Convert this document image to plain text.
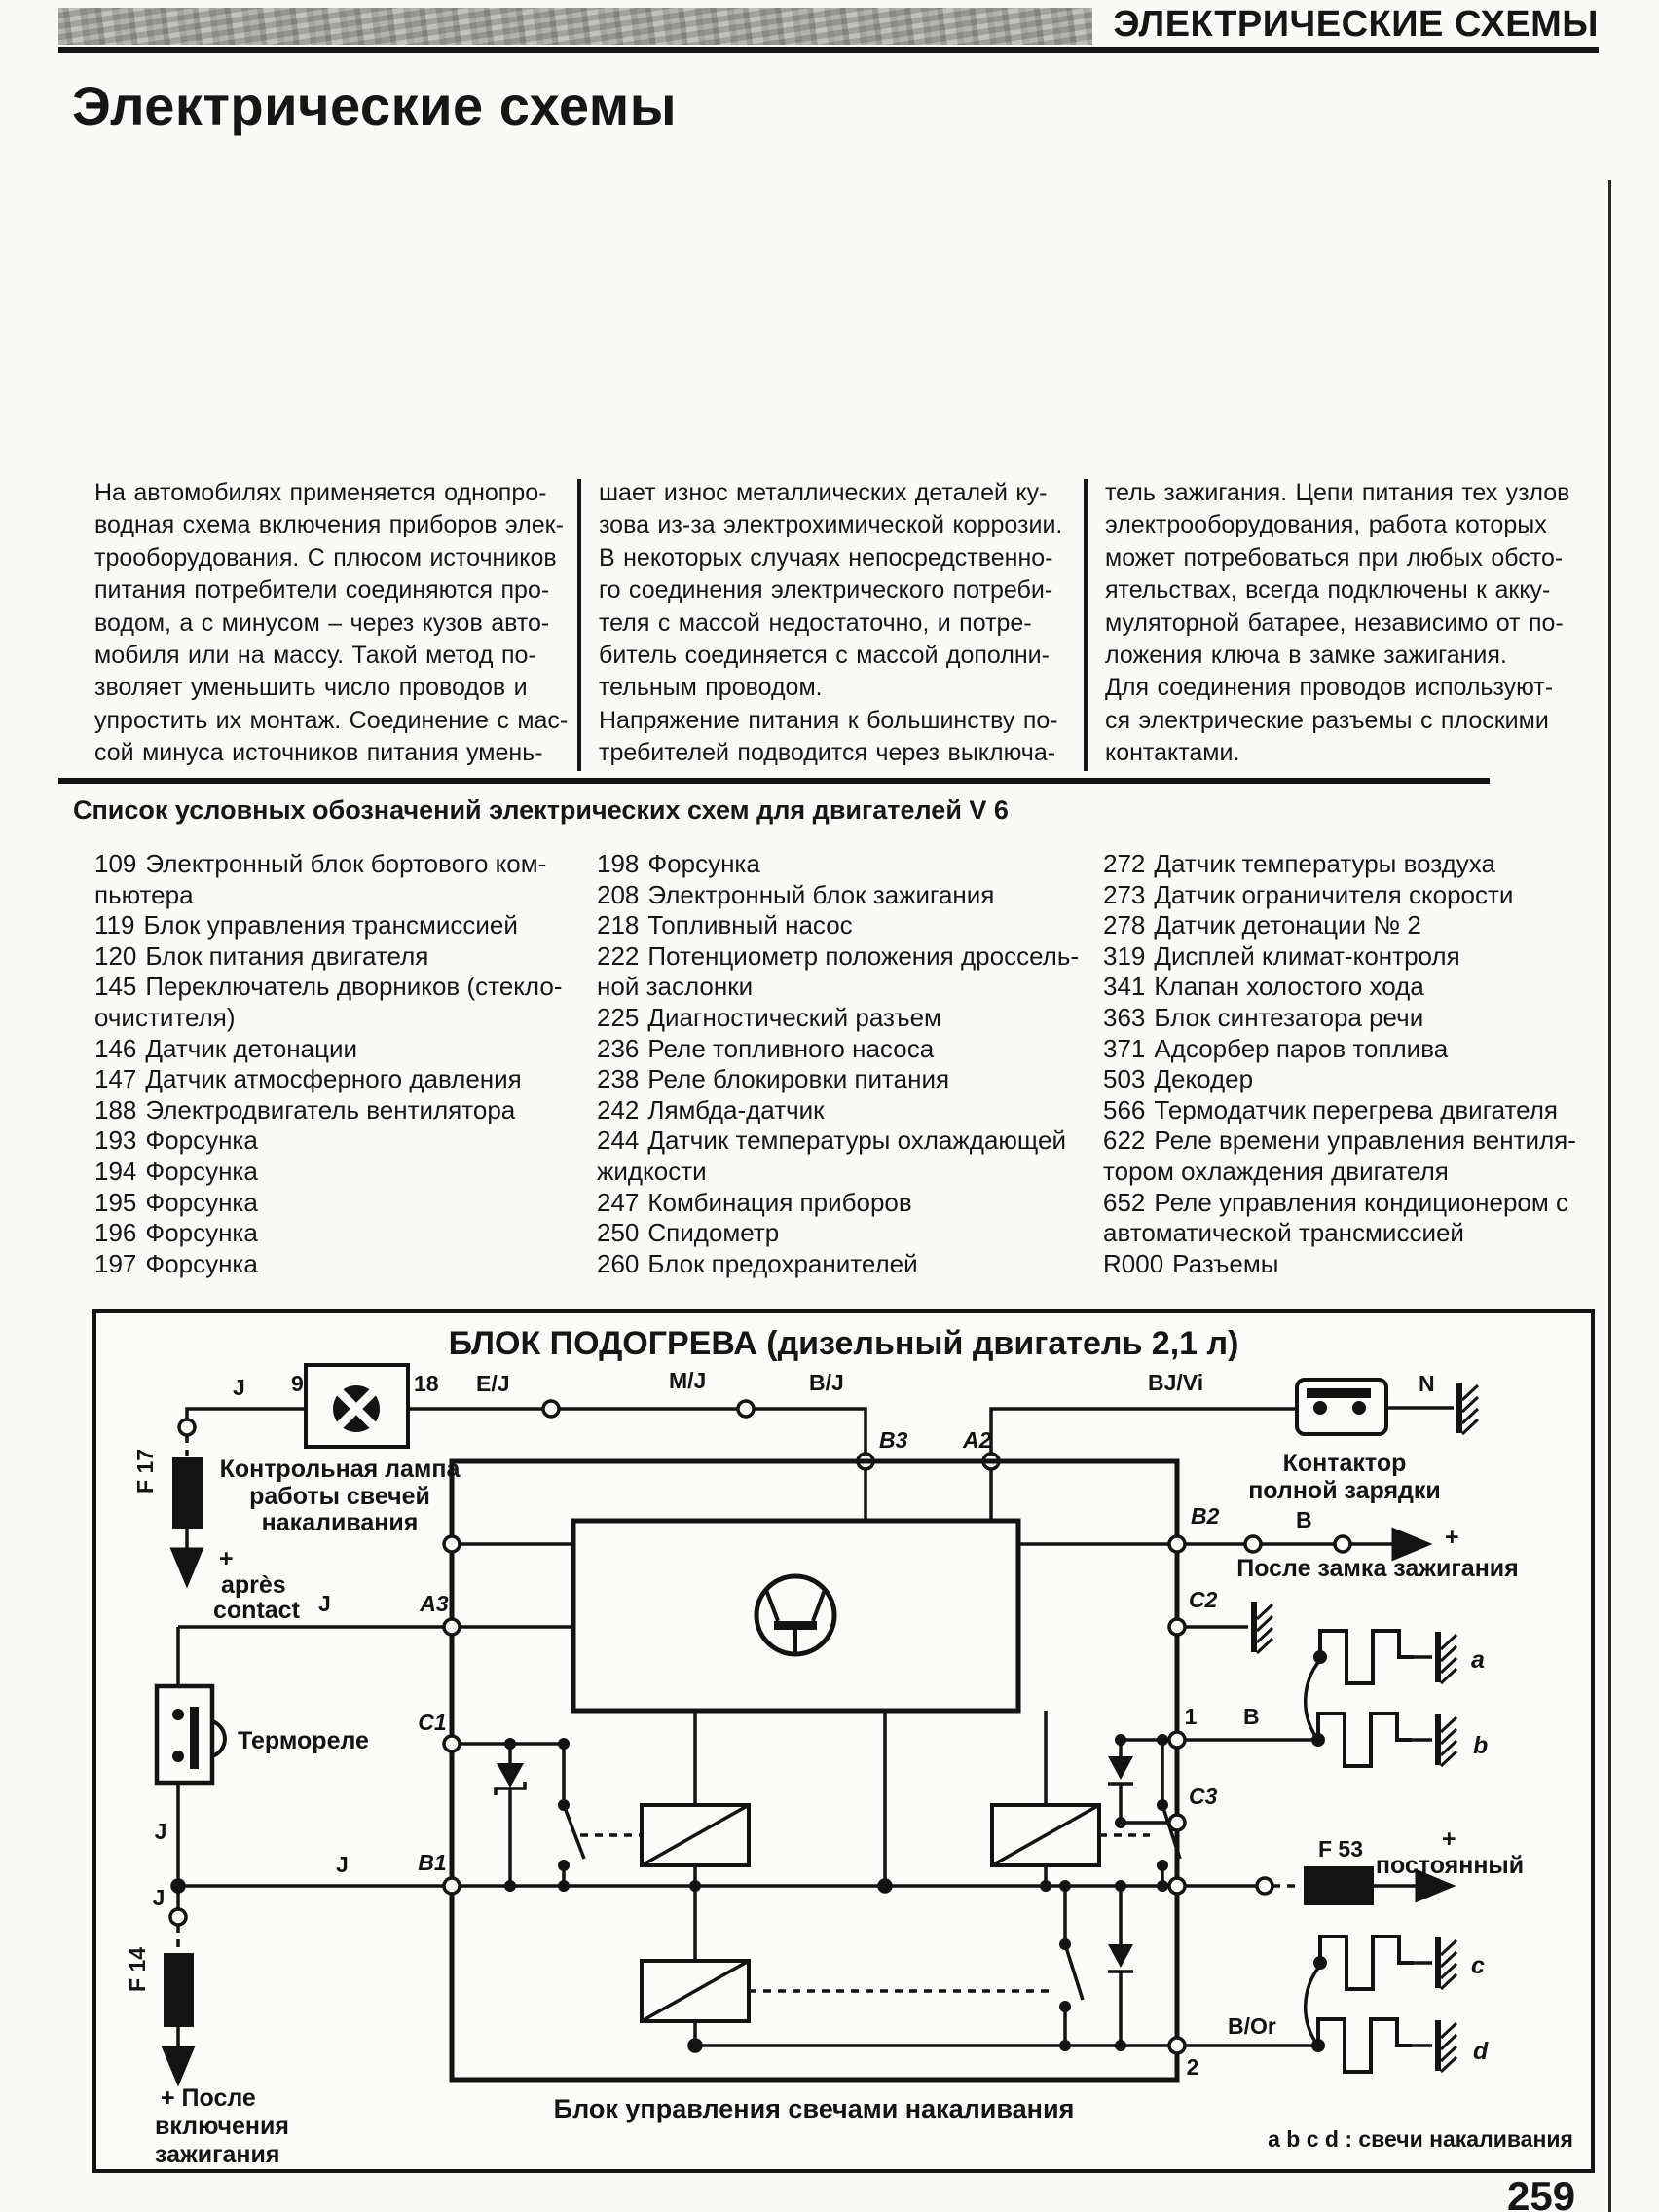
ЭЛЕКТРИЧЕСКИЕ СХЕМЫ
Электрические схемы
На автомобилях применяется однопро-
водная схема включения приборов элек-
трооборудования. С плюсом источников
питания потребители соединяются про-
водом, а с минусом – через кузов авто-
мобиля или на массу. Такой метод по-
зволяет уменьшить число проводов и
упростить их монтаж. Соединение с мас-
сой минуса источников питания умень-
шает износ металлических деталей ку-
зова из-за электрохимической коррозии.
В некоторых случаях непосредственно-
го соединения электрического потреби-
теля с массой недостаточно, и потре-
битель соединяется с массой дополни-
тельным проводом.
Напряжение питания к большинству по-
требителей подводится через выключа-
тель зажигания. Цепи питания тех узлов
электрооборудования, работа которых
может потребоваться при любых обсто-
ятельствах, всегда подключены к акку-
муляторной батарее, независимо от по-
ложения ключа в замке зажигания.
Для соединения проводов используют-
ся электрические разъемы с плоскими
контактами.
Список условных обозначений электрических схем для двигателей V 6
109 Электронный блок бортового ком-
пьютера
119 Блок управления трансмиссией
120 Блок питания двигателя
145 Переключатель дворников (стекло-
очистителя)
146 Датчик детонации
147 Датчик атмосферного давления
188 Электродвигатель вентилятора
193 Форсунка
194 Форсунка
195 Форсунка
196 Форсунка
197 Форсунка
198 Форсунка
208 Электронный блок зажигания
218 Топливный насос
222 Потенциометр положения дроссель-
ной заслонки
225 Диагностический разъем
236 Реле топливного насоса
238 Реле блокировки питания
242 Лямбда-датчик
244 Датчик температуры охлаждающей
жидкости
247 Комбинация приборов
250 Спидометр
260 Блок предохранителей
272 Датчик температуры воздуха
273 Датчик ограничителя скорости
278 Датчик детонации № 2
319 Дисплей климат-контроля
341 Клапан холостого хода
363 Блок синтезатора речи
371 Адсорбер паров топлива
503 Декодер
566 Термодатчик перегрева двигателя
622 Реле времени управления вентиля-
тором охлаждения двигателя
652 Реле управления кондиционером с
автоматической трансмиссией
R000 Разъемы
БЛОК ПОДОГРЕВА (дизельный двигатель 2,1 л)
J 9	18 E/J	M/J	B/J
B3 A2
BJ/Vi	N
F 17
+
après
contact
Контрольная лампа
работы свечей
накаливания
Контактор
полной зарядки
B2	B
+
После замка зажигания
C2
A3
J
C1
Термореле
J
B1
J
J
F 14
+ После
включения
зажигания
1 B
a
b
c
d
C3
F 53	+
постоянный
2
B/Or
Блок управления свечами накаливания
a b c d : свечи накаливания
259
